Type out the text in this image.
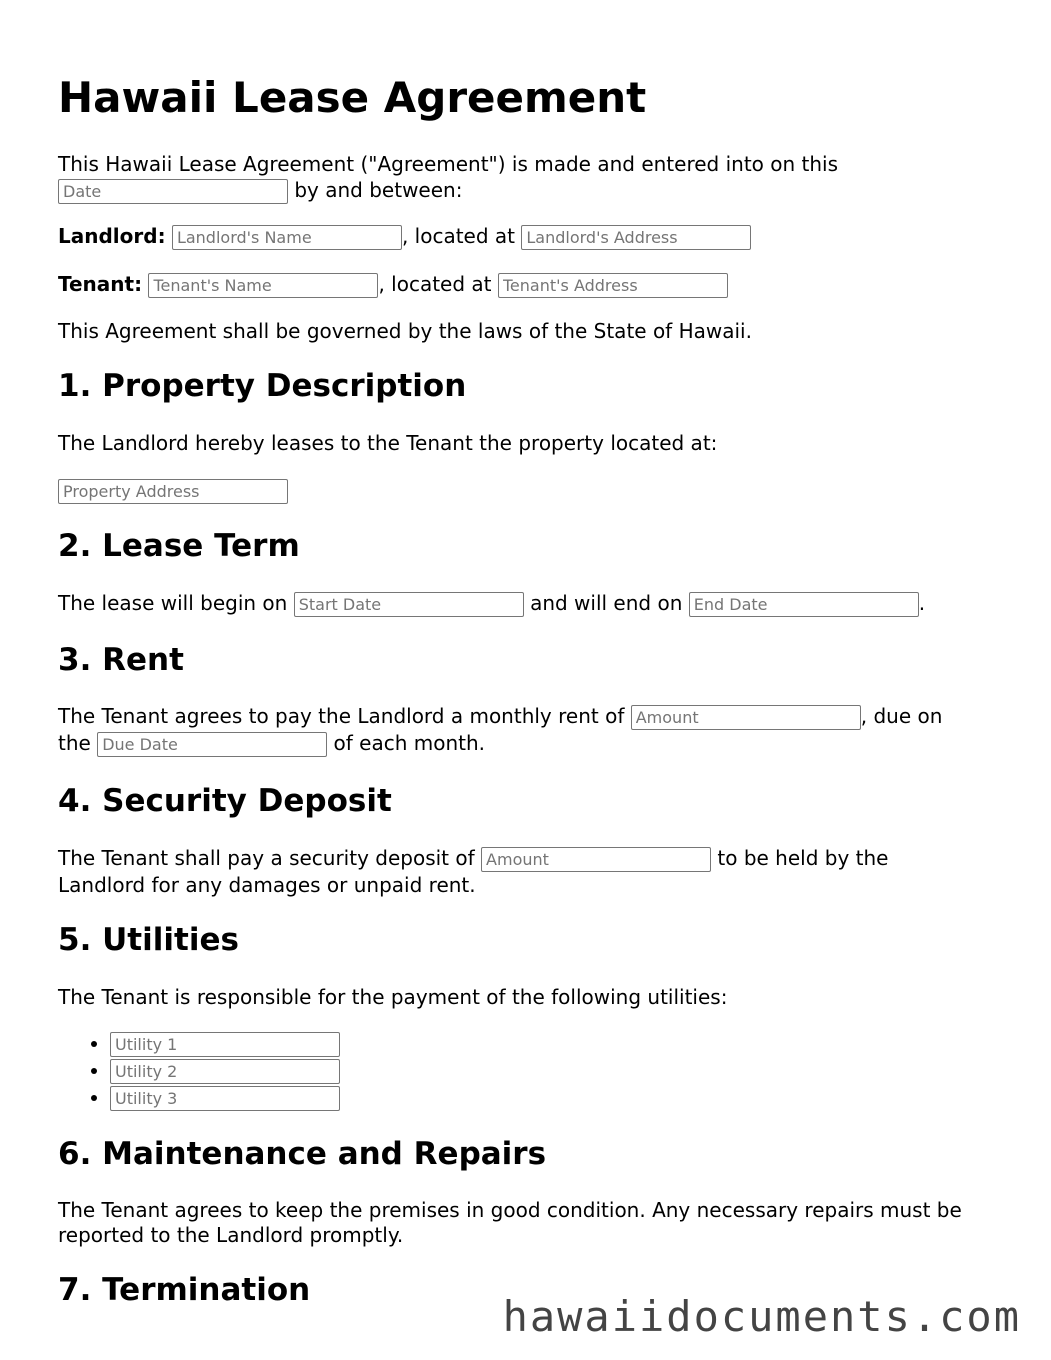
Hawaii Lease Agreement

This Hawaii Lease Agreement ("Agreement") is made and entered into on this
Date by and between:

Landlord: Landlord's Name	, located at Landlord's Address

Tenant: Tenant's Name	, located at Tenant's Address

This Agreement shall be governed by the laws of the State of Hawaii.

1. Property Description

The Landlord hereby leases to the Tenant the property located at:

Property Address

2. Lease Term

The lease will begin on Start Date	and will end on End Date	.

3. Rent

The Tenant agrees to pay the Landlord a monthly rent of Amount	, due on
the Due Date	of each month.

4. Security Deposit

The Tenant shall pay a security deposit of Amount	to be held by the
Landlord for any damages or unpaid rent.

5. Utilities

The Tenant is responsible for the payment of the following utilities:

• Utility 1
• Utility 2
• Utility 3
6. Maintenance and Repairs

The Tenant agrees to keep the premises in good condition. Any necessary repairs must be reported to the Landlord promptly.

7. Termination
hawaiidocuments.com
